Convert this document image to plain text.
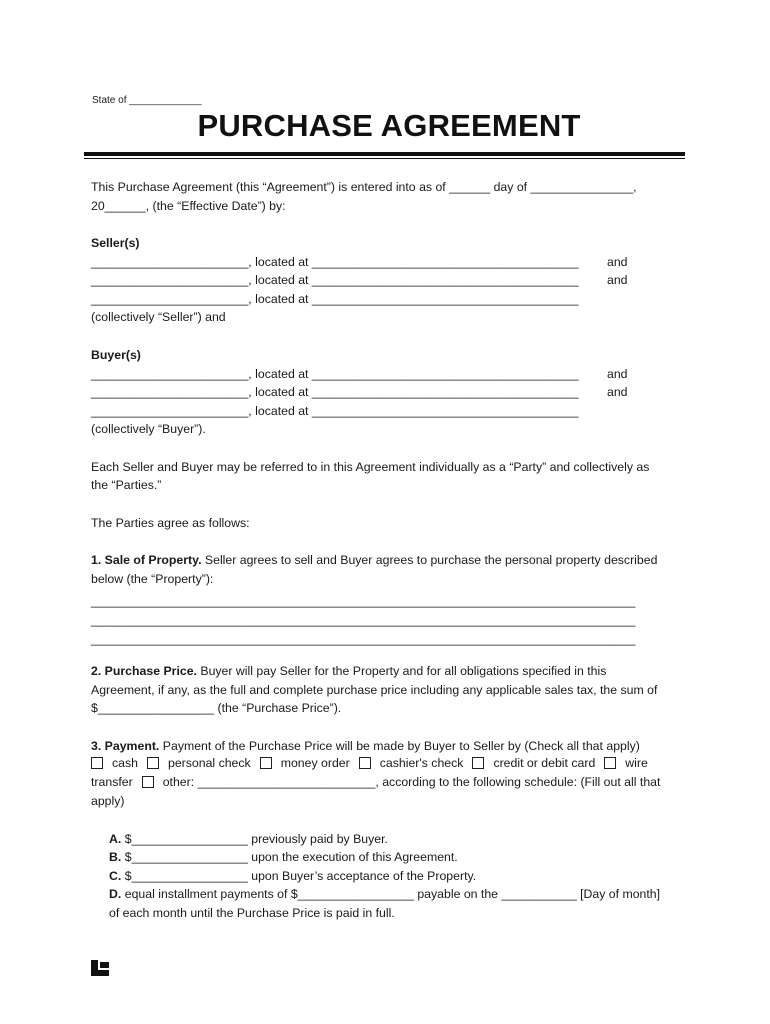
State of _____________
PURCHASE AGREEMENT
This Purchase Agreement (this “Agreement”) is entered into as of ______ day of _______________,
20______, (the “Effective Date”) by:
Seller(s)
_______________________, located at _______________________________________ and
_______________________, located at _______________________________________ and
_______________________, located at _______________________________________
(collectively “Seller”) and
Buyer(s)
_______________________, located at _______________________________________ and
_______________________, located at _______________________________________ and
_______________________, located at _______________________________________
(collectively “Buyer”).
Each Seller and Buyer may be referred to in this Agreement individually as a “Party” and collectively as
the “Parties.”
The Parties agree as follows:
1. Sale of Property. Seller agrees to sell and Buyer agrees to purchase the personal property described
below (the “Property”):
__________________________________________________________________________________
__________________________________________________________________________________
__________________________________________________________________________________
2. Purchase Price. Buyer will pay Seller for the Property and for all obligations specified in this
Agreement, if any, as the full and complete purchase price including any applicable sales tax, the sum of
$_________________ (the “Purchase Price”).
3. Payment. Payment of the Purchase Price will be made by Buyer to Seller by (Check all that apply)
cash personal check money order cashier's check credit or debit card wire
transfer other: __________________________, according to the following schedule: (Fill out all that
apply)
A. $_________________ previously paid by Buyer.
B. $_________________ upon the execution of this Agreement.
C. $_________________ upon Buyer’s acceptance of the Property.
D. equal installment payments of $_________________ payable on the ___________ [Day of month]
of each month until the Purchase Price is paid in full.
